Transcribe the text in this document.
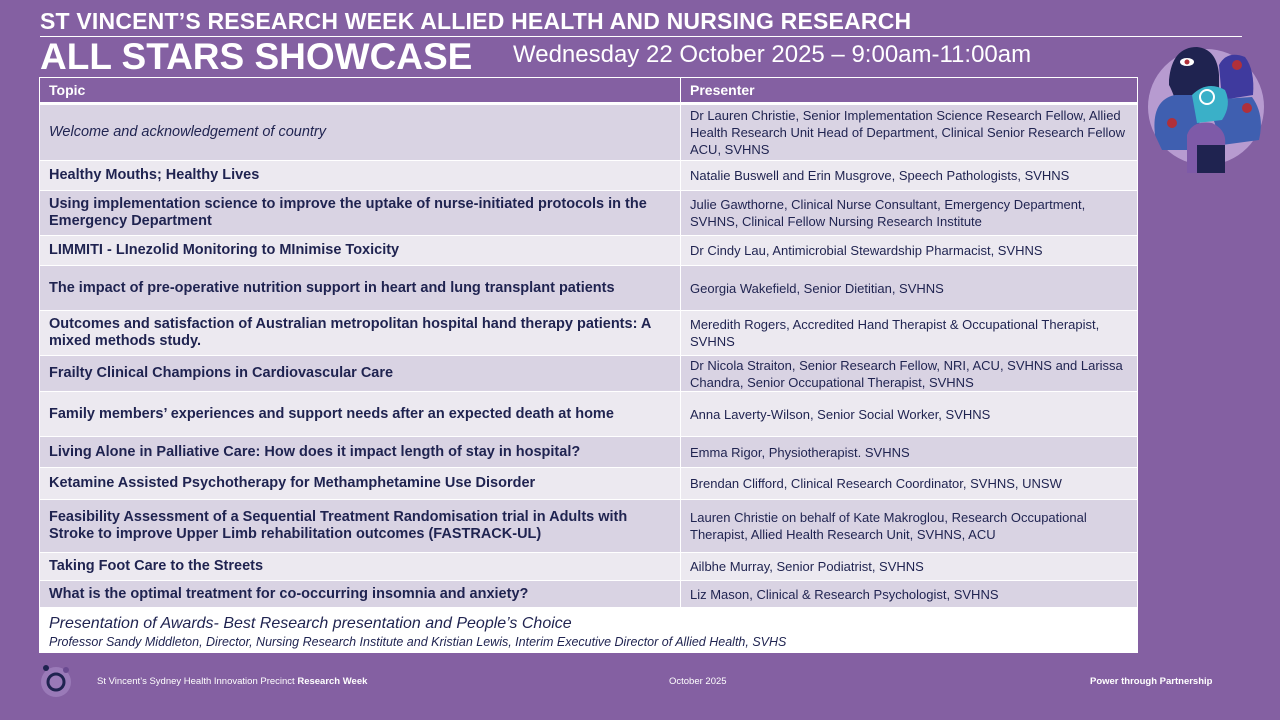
ST VINCENT’S RESEARCH WEEK ALLIED HEALTH AND NURSING RESEARCH
ALL STARS SHOWCASE Wednesday 22 October 2025 – 9:00am-11:00am
Topic	Presenter
Welcome and acknowledgement of country	Dr Lauren Christie, Senior Implementation Science Research Fellow, Allied Health Research Unit Head of Department, Clinical Senior Research Fellow ACU, SVHNS
Healthy Mouths; Healthy Lives	Natalie Buswell and Erin Musgrove, Speech Pathologists, SVHNS
Using implementation science to improve the uptake of nurse-initiated protocols in the Emergency Department	Julie Gawthorne, Clinical Nurse Consultant, Emergency Department, SVHNS, Clinical Fellow Nursing Research Institute
LIMMITI - LInezolid Monitoring to MInimise Toxicity	Dr Cindy Lau, Antimicrobial Stewardship Pharmacist, SVHNS
The impact of pre-operative nutrition support in heart and lung transplant patients	Georgia Wakefield, Senior Dietitian, SVHNS
Outcomes and satisfaction of Australian metropolitan hospital hand therapy patients: A mixed methods study.	Meredith Rogers, Accredited Hand Therapist & Occupational Therapist, SVHNS
Frailty Clinical Champions in Cardiovascular Care	Dr Nicola Straiton, Senior Research Fellow, NRI, ACU, SVHNS and Larissa Chandra, Senior Occupational Therapist, SVHNS
Family members’ experiences and support needs after an expected death at home	Anna Laverty-Wilson, Senior Social Worker, SVHNS
Living Alone in Palliative Care: How does it impact length of stay in hospital?	Emma Rigor, Physiotherapist. SVHNS
Ketamine Assisted Psychotherapy for Methamphetamine Use Disorder	Brendan Clifford, Clinical Research Coordinator, SVHNS, UNSW
Feasibility Assessment of a Sequential Treatment Randomisation trial in Adults with Stroke to improve Upper Limb rehabilitation outcomes (FASTRACK-UL)	Lauren Christie on behalf of Kate Makroglou, Research Occupational Therapist, Allied Health Research Unit, SVHNS, ACU
Taking Foot Care to the Streets	Ailbhe Murray, Senior Podiatrist, SVHNS
What is the optimal treatment for co-occurring insomnia and anxiety?	Liz Mason, Clinical & Research Psychologist, SVHNS

Presentation of Awards- Best Research presentation and People’s Choice
Professor Sandy Middleton, Director, Nursing Research Institute and Kristian Lewis, Interim Executive Director of Allied Health, SVHS	
St Vincent’s Sydney Health Innovation Precinct Research Week	October 2025	Power through Partnership
